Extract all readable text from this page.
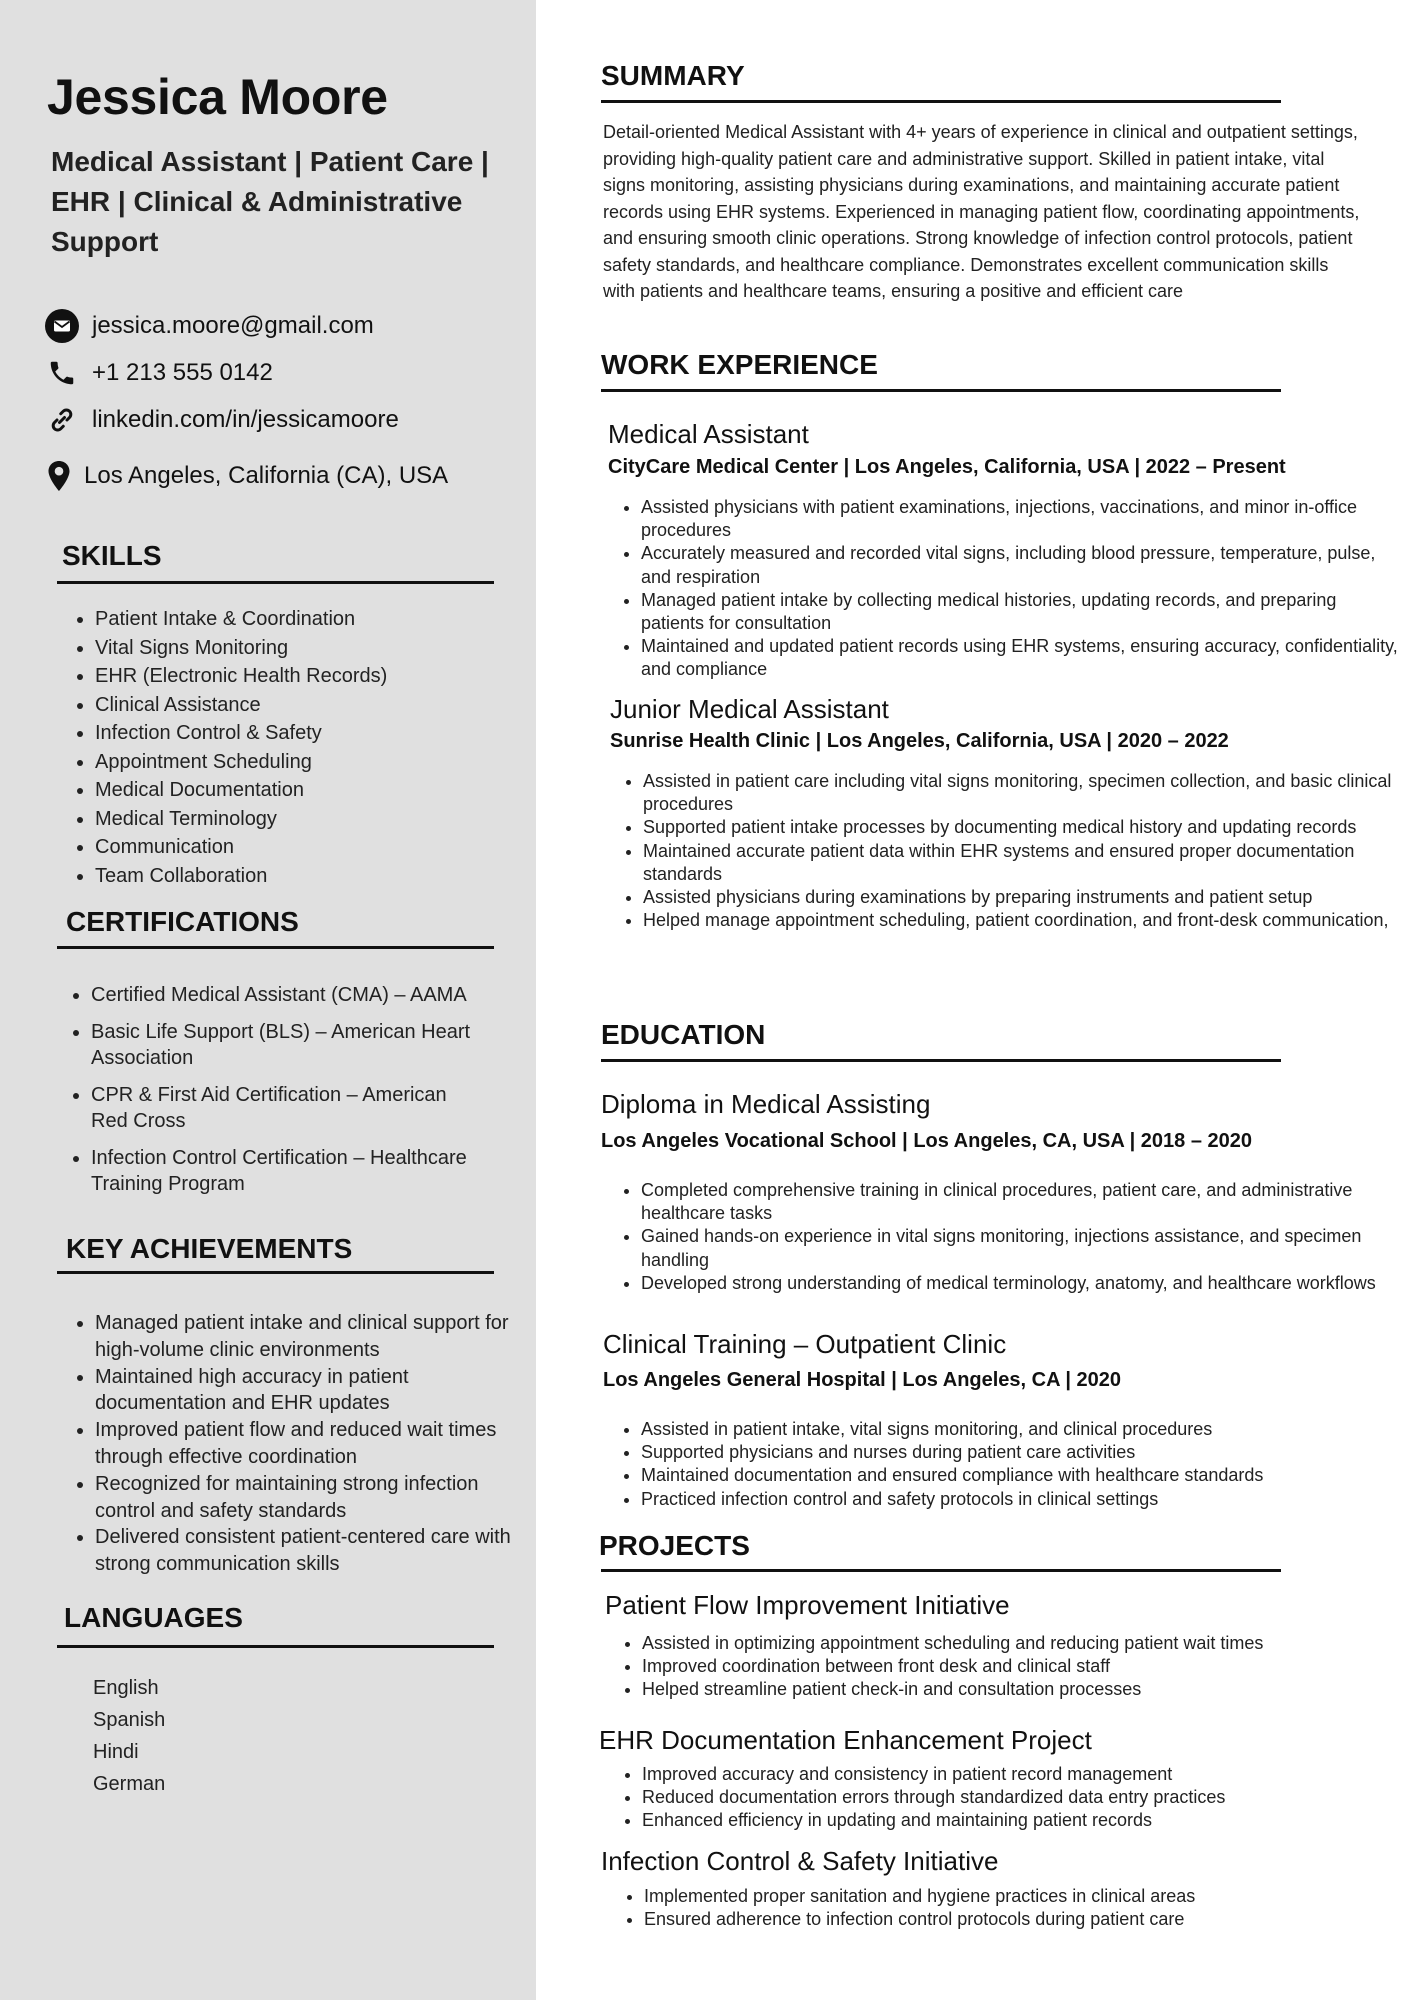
Jessica Moore

Medical Assistant | Patient Care | EHR | Clinical & Administrative Support

jessica.moore@gmail.com
+1 213 555 0142
linkedin.com/in/jessicamoore
Los Angeles, California (CA), USA
SKILLS
• Patient Intake & Coordination
• Vital Signs Monitoring
• EHR (Electronic Health Records)
• Clinical Assistance
• Infection Control & Safety
• Appointment Scheduling
• Medical Documentation
• Medical Terminology
• Communication
• Team Collaboration
CERTIFICATIONS
• Certified Medical Assistant (CMA) – AAMA
• Basic Life Support (BLS) – American Heart Association
• CPR & First Aid Certification – American Red Cross
• Infection Control Certification – Healthcare Training Program
KEY ACHIEVEMENTS
• Managed patient intake and clinical support for high-volume clinic environments
• Maintained high accuracy in patient documentation and EHR updates
• Improved patient flow and reduced wait times through effective coordination
• Recognized for maintaining strong infection control and safety standards
• Delivered consistent patient-centered care with strong communication skills
LANGUAGES
English
Spanish
Hindi
German
SUMMARY

Detail-oriented Medical Assistant with 4+ years of experience in clinical and outpatient settings, providing high-quality patient care and administrative support. Skilled in patient intake, vital signs monitoring, assisting physicians during examinations, and maintaining accurate patient records using EHR systems. Experienced in managing patient flow, coordinating appointments, and ensuring smooth clinic operations. Strong knowledge of infection control protocols, patient safety standards, and healthcare compliance. Demonstrates excellent communication skills with patients and healthcare teams, ensuring a positive and efficient care

WORK EXPERIENCE
Medical Assistant

CityCare Medical Center | Los Angeles, California, USA | 2022 – Present

• Assisted physicians with patient examinations, injections, vaccinations, and minor in-office procedures
• Accurately measured and recorded vital signs, including blood pressure, temperature, pulse, and respiration
• Managed patient intake by collecting medical histories, updating records, and preparing patients for consultation
• Maintained and updated patient records using EHR systems, ensuring accuracy, confidentiality, and compliance
Junior Medical Assistant

Sunrise Health Clinic | Los Angeles, California, USA | 2020 – 2022

• Assisted in patient care including vital signs monitoring, specimen collection, and basic clinical procedures
• Supported patient intake processes by documenting medical history and updating records
• Maintained accurate patient data within EHR systems and ensured proper documentation standards
• Assisted physicians during examinations by preparing instruments and patient setup
• Helped manage appointment scheduling, patient coordination, and front-desk communication,
EDUCATION
Diploma in Medical Assisting

Los Angeles Vocational School | Los Angeles, CA, USA | 2018 – 2020

• Completed comprehensive training in clinical procedures, patient care, and administrative healthcare tasks
• Gained hands-on experience in vital signs monitoring, injections assistance, and specimen handling
• Developed strong understanding of medical terminology, anatomy, and healthcare workflows
Clinical Training – Outpatient Clinic

Los Angeles General Hospital | Los Angeles, CA | 2020

• Assisted in patient intake, vital signs monitoring, and clinical procedures
• Supported physicians and nurses during patient care activities
• Maintained documentation and ensured compliance with healthcare standards
• Practiced infection control and safety protocols in clinical settings
PROJECTS
Patient Flow Improvement Initiative
• Assisted in optimizing appointment scheduling and reducing patient wait times
• Improved coordination between front desk and clinical staff
• Helped streamline patient check-in and consultation processes
EHR Documentation Enhancement Project
• Improved accuracy and consistency in patient record management
• Reduced documentation errors through standardized data entry practices
• Enhanced efficiency in updating and maintaining patient records
Infection Control & Safety Initiative
• Implemented proper sanitation and hygiene practices in clinical areas
• Ensured adherence to infection control protocols during patient care
